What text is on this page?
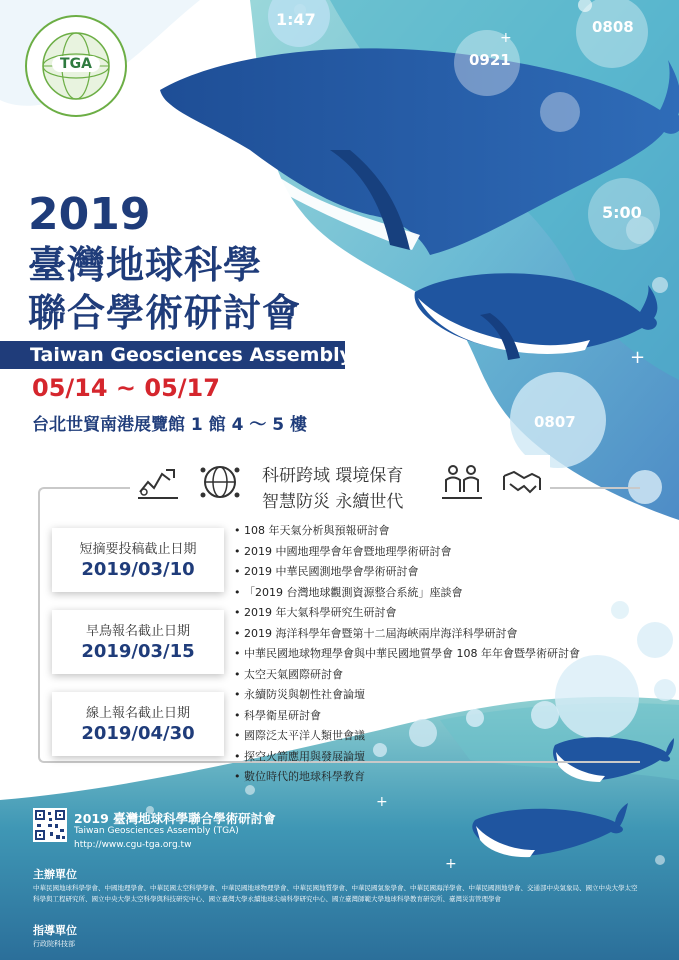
+
+
+
+
1:47
0921
0808
5:00
0807
TGA
2019
臺灣地球科學
聯合學術研討會
Taiwan Geosciences Assembly
05/14 ~ 05/17
台北世貿南港展覽館 1 館 4 ～ 5 樓
科研跨域 環境保育
智慧防災 永續世代
短摘要投稿截止日期
2019/03/10
早鳥報名截止日期
2019/03/15
線上報名截止日期
2019/04/30
• 108 年天氣分析與預報研討會
• 2019 中國地理學會年會暨地理學術研討會
• 2019 中華民國測地學會學術研討會
• 「2019 台灣地球觀測資源整合系統」座談會
• 2019 年大氣科學研究生研討會
• 2019 海洋科學年會暨第十二屆海峽兩岸海洋科學研討會
• 中華民國地球物理學會與中華民國地質學會 108 年年會暨學術研討會
• 太空天氣國際研討會
• 永續防災與韌性社會論壇
• 科學衛星研討會
• 國際泛太平洋人類世會議
• 探空火箭應用與發展論壇
• 數位時代的地球科學教育
2019 臺灣地球科學聯合學術研討會
Taiwan Geosciences Assembly (TGA)
http://www.cgu-tga.org.tw
主辦單位
中華民國地球科學學會、中國地理學會、中華民國太空科學學會、中華民國地球物理學會、中華民國地質學會、中華民國氣象學會、中華民國海洋學會、中華民國測地學會、交通部中央氣象局、國立中央大學太空科學與工程研究所、國立中央大學太空科學與科技研究中心、國立臺灣大學永續地球尖端科學研究中心、國立臺灣師範大學地球科學教育研究所、臺灣災害管理學會
指導單位
行政院科技部
